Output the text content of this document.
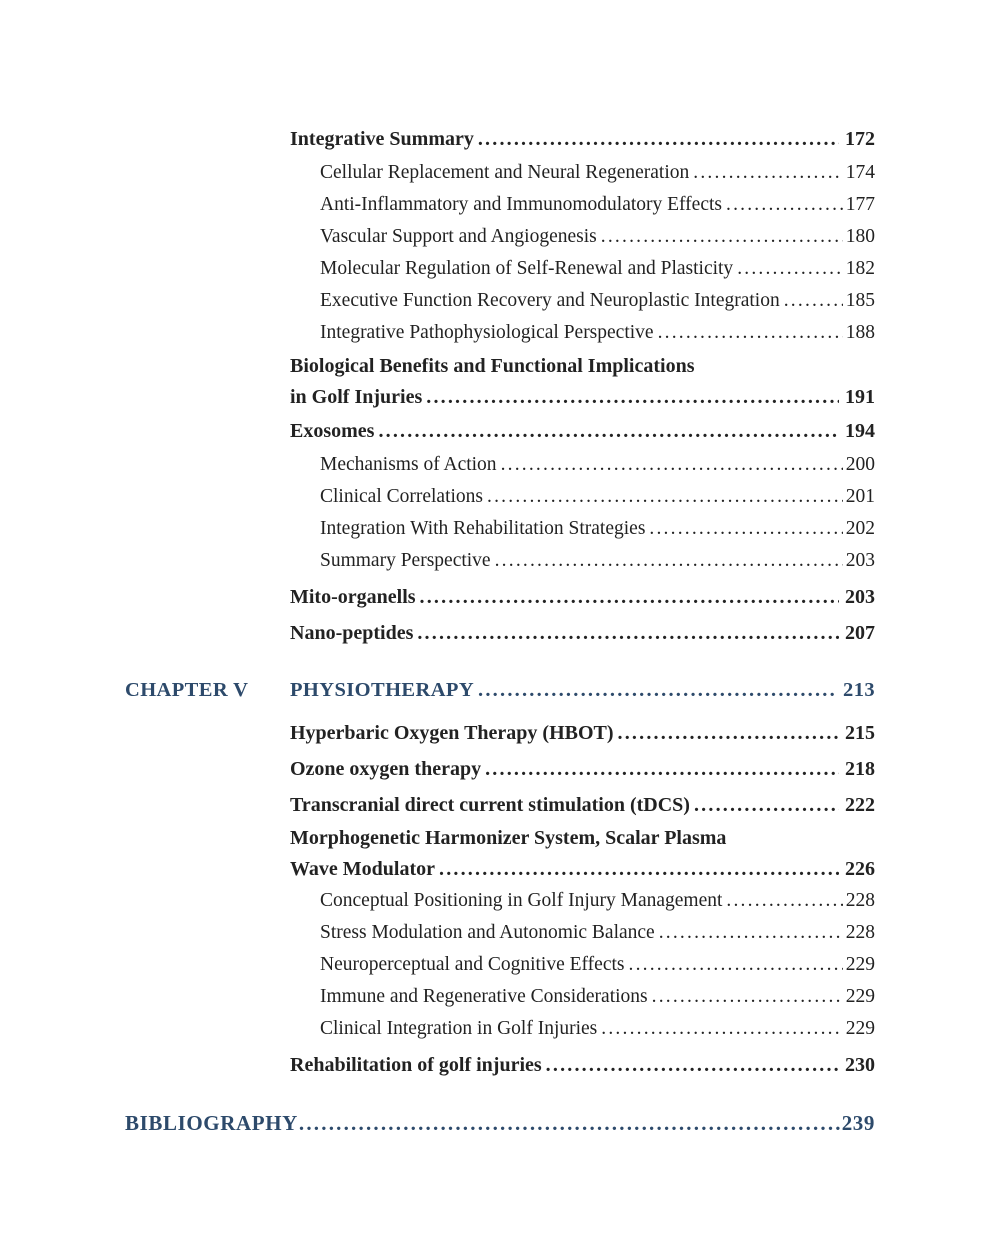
Integrative Summary .....	172
Cellular Replacement and Neural Regeneration .....	174
Anti-Inflammatory and Immunomodulatory Effects .....	177
Vascular Support and Angiogenesis .....	180
Molecular Regulation of Self-Renewal and Plasticity .....	182
Executive Function Recovery and Neuroplastic Integration .....	185
Integrative Pathophysiological Perspective .....	188
Biological Benefits and Functional Implications
in Golf Injuries .....	191
Exosomes .....	194
Mechanisms of Action .....	200
Clinical Correlations .....	201
Integration With Rehabilitation Strategies .....	202
Summary Perspective .....	203
Mito-organells .....	203
Nano-peptides .....	207
CHAPTER V	PHYSIOTHERAPY .....	213
Hyperbaric Oxygen Therapy (HBOT) .....	215
Ozone oxygen therapy .....	218
Transcranial direct current stimulation (tDCS) .....	222
Morphogenetic Harmonizer System, Scalar Plasma
Wave Modulator .....	226
Conceptual Positioning in Golf Injury Management .....	228
Stress Modulation and Autonomic Balance .....	228
Neuroperceptual and Cognitive Effects .....	229
Immune and Regenerative Considerations .....	229
Clinical Integration in Golf Injuries .....	229
Rehabilitation of golf injuries .....	230
BIBLIOGRAPHY .....	239
